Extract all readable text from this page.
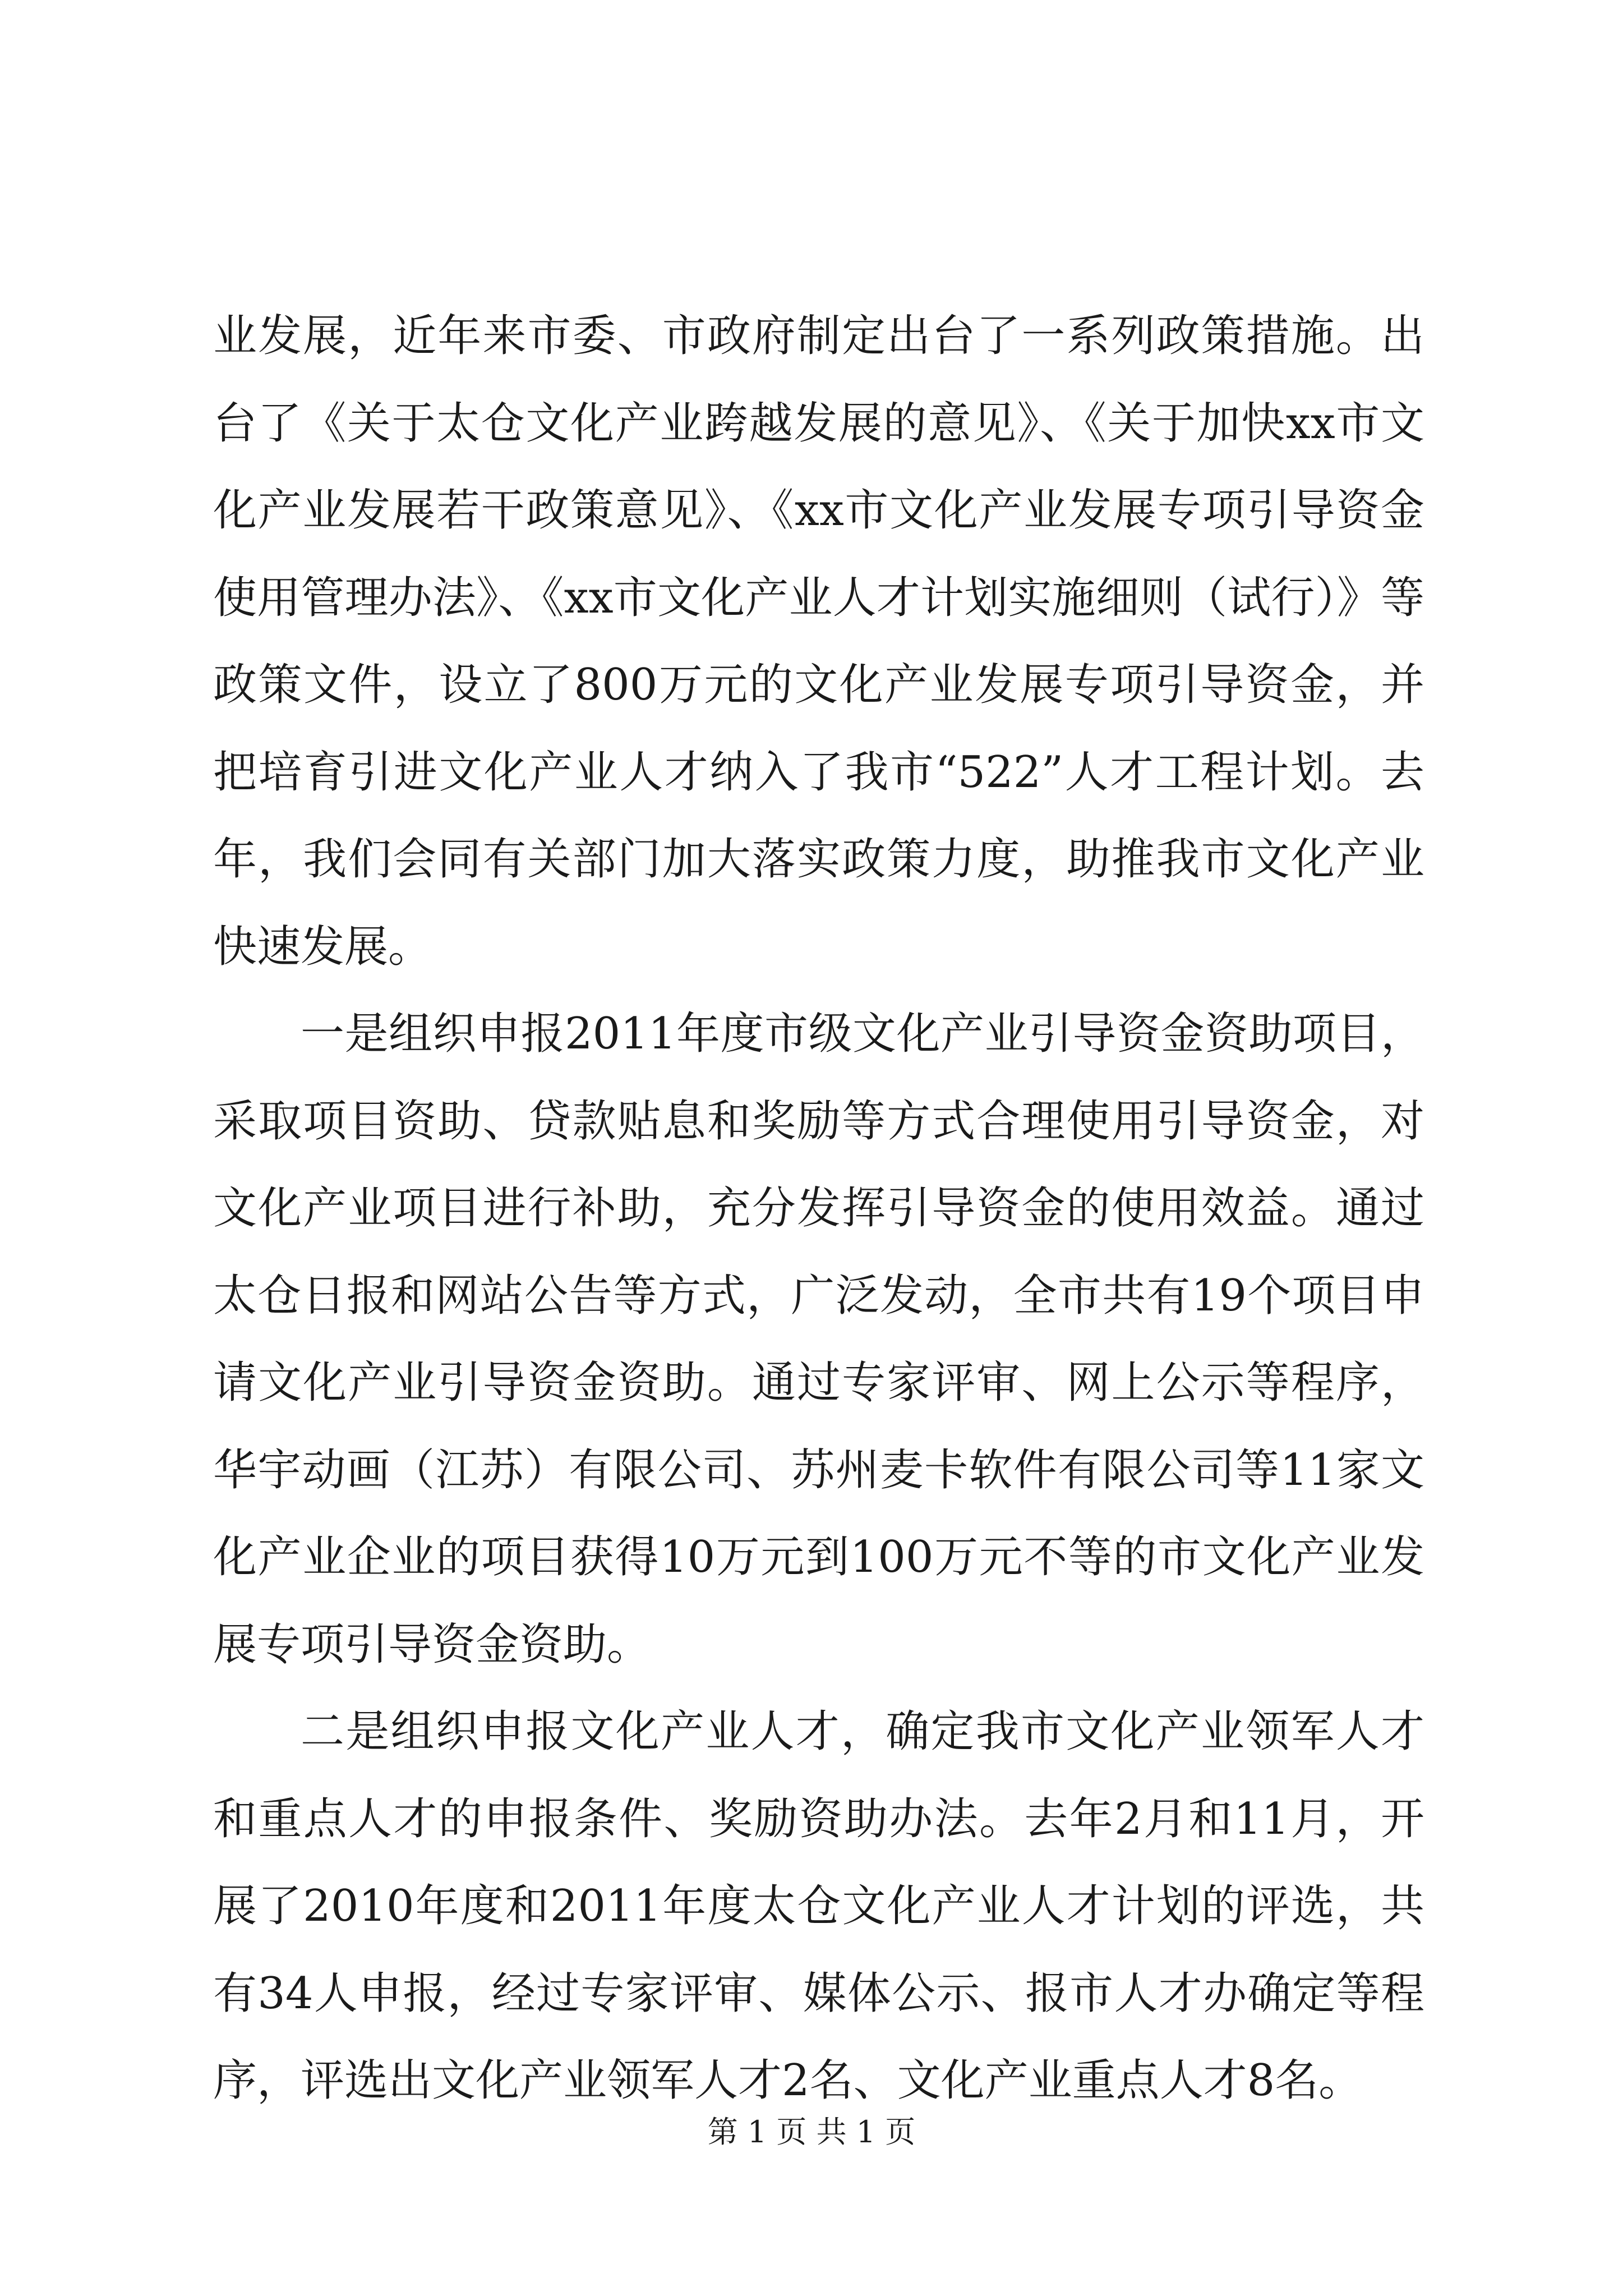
业发展，近年来市委、市政府制定出台了一系列政策措施。出台了《关于太仓文化产业跨越发展的意见》、《关于加快xx市文化产业发展若干政策意见》、《xx市文化产业发展专项引导资金使用管理办法》、《xx市文化产业人才计划实施细则（试行）》等政策文件，设立了800万元的文化产业发展专项引导资金，并把培育引进文化产业人才纳入了我市“522”人才工程计划。去年，我们会同有关部门加大落实政策力度，助推我市文化产业快速发展。

一是组织申报2011年度市级文化产业引导资金资助项目，采取项目资助、贷款贴息和奖励等方式合理使用引导资金，对文化产业项目进行补助，充分发挥引导资金的使用效益。通过太仓日报和网站公告等方式，广泛发动，全市共有19个项目申请文化产业引导资金资助。通过专家评审、网上公示等程序，华宇动画（江苏）有限公司、苏州麦卡软件有限公司等11家文化产业企业的项目获得10万元到100万元不等的市文化产业发展专项引导资金资助。

二是组织申报文化产业人才，确定我市文化产业领军人才和重点人才的申报条件、奖励资助办法。去年2月和11月，开展了2010年度和2011年度太仓文化产业人才计划的评选，共有34人申报，经过专家评审、媒体公示、报市人才办确定等程序，评选出文化产业领军人才2名、文化产业重点人才8名。

第 1 页 共 1 页
